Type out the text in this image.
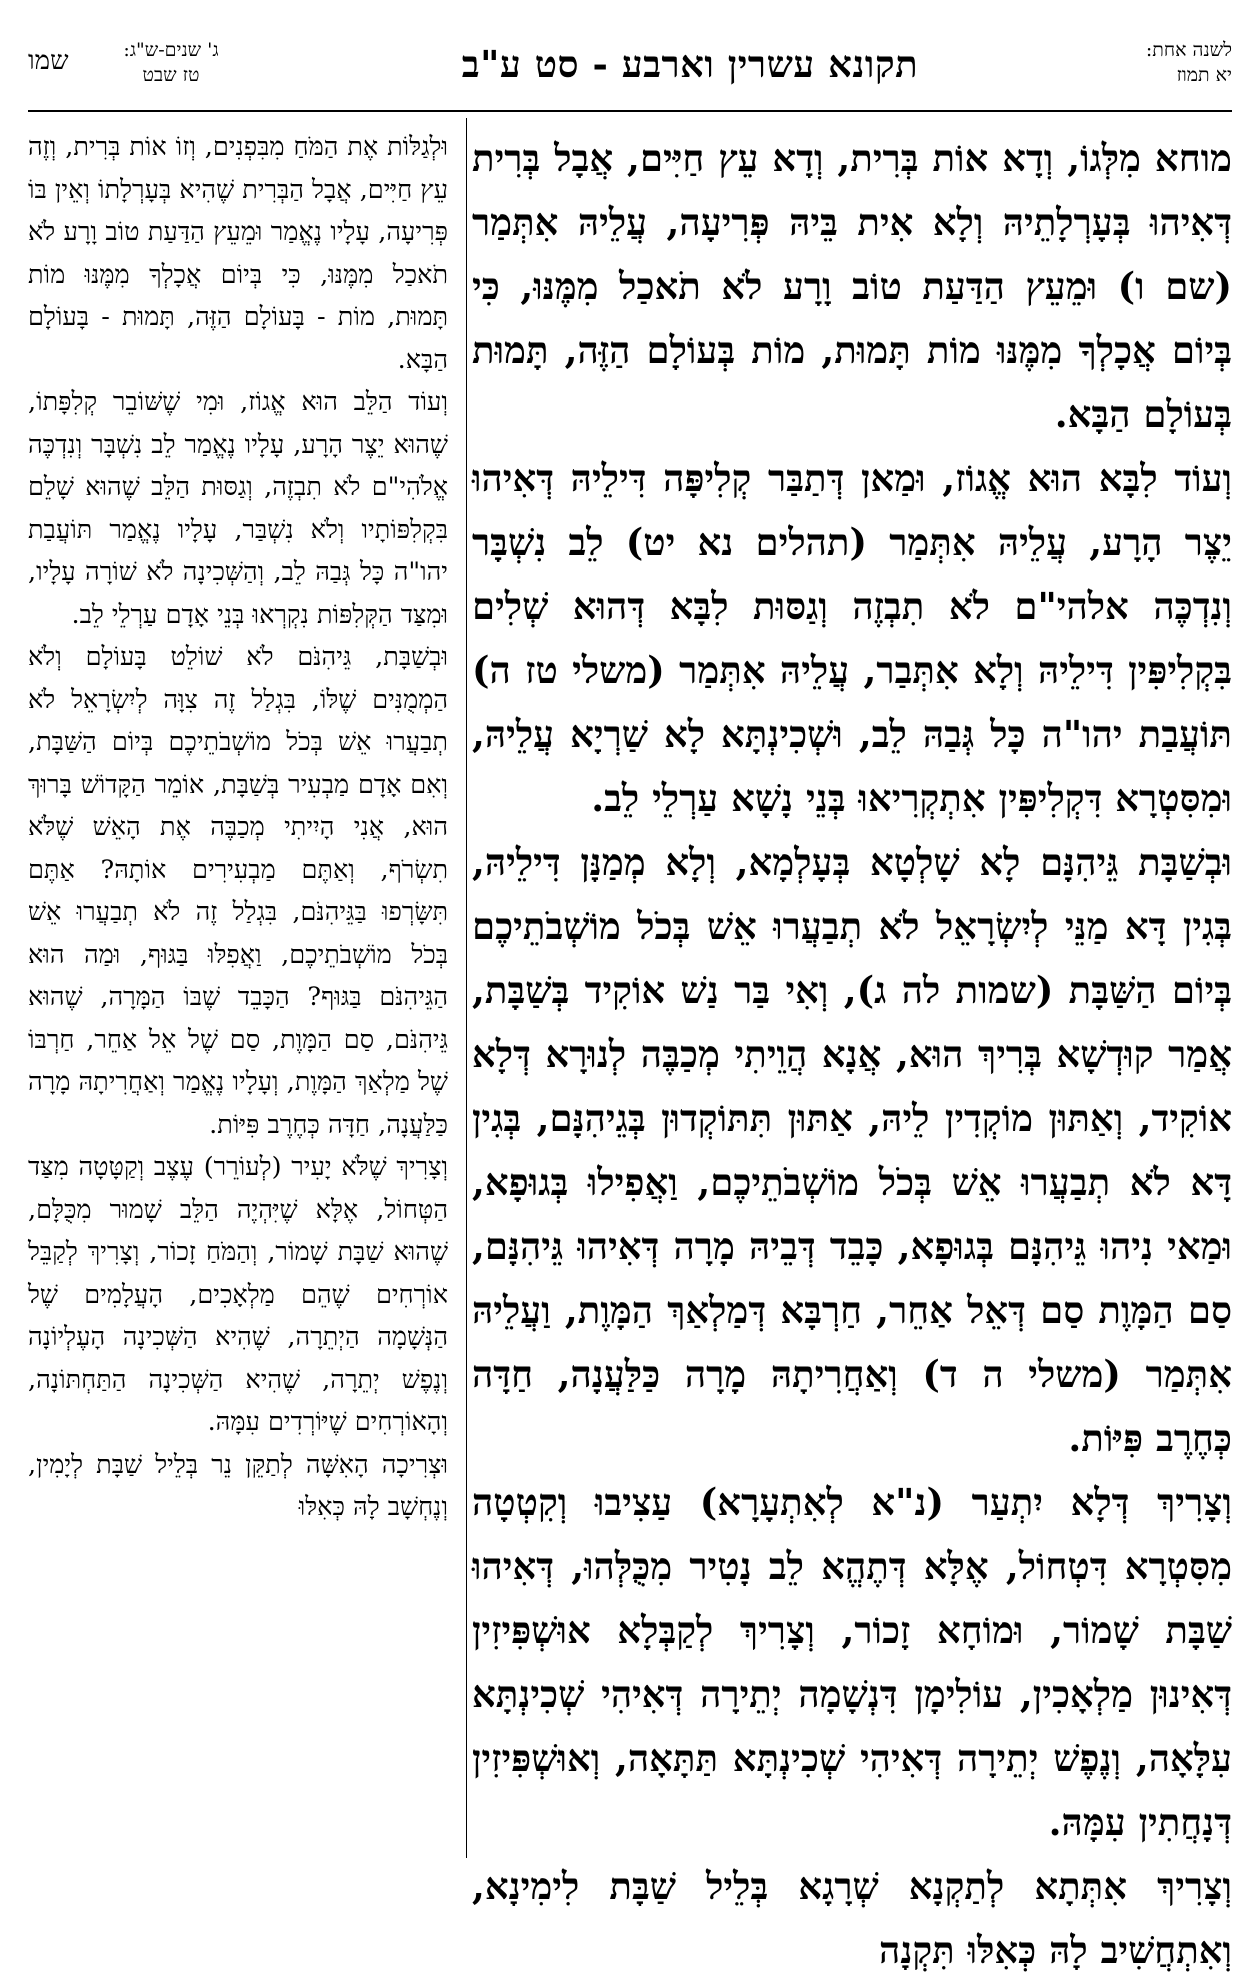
לשנה אחת:
יא תמוז
תקונא עשרין וארבע - סט ע"ב
ג' שנים-ש"ג:
טז שבט
שמו

מוחא מִלְּגוֹ, וְדָא אוֹת בְּרִית, וְדָא עֵץ חַיִּים, אֲבָל בְּרִית דְּאִיהוּ בְּעָרְלָתֵיהּ וְלָא אִית בֵּיהּ פְּרִיעָה, עֲלֵיהּ אִתְּמַר (שם ו) וּמֵעֵץ הַדַּעַת טוֹב וָרָע לֹא תֹאכַל מִמֶּנּוּ, כִּי בְּיוֹם אֲכָלְךָ מִמֶּנּוּ מוֹת תָּמוּת, מוֹת בְּעוֹלָם הַזֶּה, תָּמוּת בְּעוֹלָם הַבָּא.

וְעוֹד לִבָּא הוּא אֱגוֹז, וּמַאן דְּתַבַּר קְלִיפָּה דִּילֵיהּ דְּאִיהוּ יֵצֶר הָרָע, עֲלֵיהּ אִתְּמַר (תהלים נא יט) לֵב נִשְׁבָּר וְנִדְכֶּה אלהי"ם לֹא תִבְזֶה וְגַסּוּת לִבָּא דְּהוּא שְׁלִים בִּקְלִיפִּין דִּילֵיהּ וְלָא אִתְּבַר, עֲלֵיהּ אִתְּמַר (משלי טז ה) תּוֹעֲבַת יהו"ה כָּל גְּבַהּ לֵב, וּשְׁכִינְתָּא לָא שַׁרְיָא עֲלֵיהּ, וּמִסִּטְרָא דִּקְלִיפִּין אִתְקְרִיאוּ בְּנֵי נָשָׁא עַרְלֵי לֵב.

וּבְשַׁבָּת גֵּיהִנָּם לָא שָׁלְטָא בְּעָלְמָא, וְלָא מְמַנָּן דִּילֵיהּ, בְּגִין דָּא מַנֵּי לְיִשְׂרָאֵל לֹא תְבַעֲרוּ אֵשׁ בְּכֹל מוֹשְׁבֹתֵיכֶם בְּיוֹם הַשַּׁבָּת (שמות לה ג), וְאִי בַּר נַשׁ אוֹקִיד בְּשַׁבָּת, אֲמַר קוּדְשָׁא בְּרִיךְ הוּא, אֲנָא הֲוֵיתִי מְכַבֶּה לְנוּרָא דְּלָא אוֹקִיד, וְאַתּוּן מוֹקְדִין לֵיהּ, אַתּוּן תִּתּוֹקְדוּן בְּגֵיהִנָּם, בְּגִין דָּא לֹא תְבַעֲרוּ אֵשׁ בְּכֹל מוֹשְׁבֹתֵיכֶם, וַאֲפִילוּ בְּגוּפָא, וּמַאי נִיהוּ גֵּיהִנָּם בְּגוּפָא, כָּבֵד דְּבֵיהּ מָרָה דְּאִיהוּ גֵּיהִנָּם, סַם הַמָּוֶת סַם דְּאֵל אַחֵר, חַרְבָּא דְּמַלְאַךְ הַמָּוֶת, וַעֲלֵיהּ אִתְּמַר (משלי ה ד) וְאַחֲרִיתָהּ מָרָה כַּלַּעֲנָה, חַדָּה כְּחֶרֶב פִּיּוֹת.

וְצָרִיךְ דְּלָא יִתְעַר (נ"א לְאִתְעָרָא) עַצִיבוּ וְקִטְטָה מִסִּטְרָא דִּטְחוֹל, אֶלָּא דְּתֶהֱא לֵב נָטִיר מִכֻּלְּהוּ, דְּאִיהוּ שַׁבָּת שָׁמוֹר, וּמוֹחָא זָכוֹר, וְצָרִיךְ לְקַבְּלָא אוּשְׁפִּיזִין דְּאִינוּן מַלְאָכִין, עוֹלִימָן דִּנְשָׁמָה יְתֵירָה דְּאִיהִי שְׁכִינְתָּא עִלָּאָה, וְנֶפֶשׁ יְתֵירָה דְּאִיהִי שְׁכִינְתָּא תַּתָּאָה, וְאוּשְׁפִּיזִין דְּנָחֲתִין עִמָּהּ.

וְצָרִיךְ אִתְּתָא לְתַקְנָא שְׁרָגָא בְּלֵיל שַׁבָּת לִימִינָא, וְאִתְחֲשִׁיב לָהּ כְּאִלּוּ תִּקְנָה

וּלְגַלּוֹת אֶת הַמֹּחַ מִבִּפְנִים, וְזוֹ אוֹת בְּרִית, וְזֶה עֵץ חַיִּים, אֲבָל הַבְּרִית שֶׁהִיא בְּעָרְלָתוֹ וְאֵין בּוֹ פְּרִיעָה, עָלָיו נֶאֱמַר וּמֵעֵץ הַדַּעַת טוֹב וָרָע לֹא תֹאכַל מִמֶּנּוּ, כִּי בְּיוֹם אֲכָלְךָ מִמֶּנּוּ מוֹת תָּמוּת, מוֹת - בָּעוֹלָם הַזֶּה, תָּמוּת - בָּעוֹלָם הַבָּא.

וְעוֹד הַלֵּב הוּא אֱגוֹז, וּמִי שֶׁשּׁוֹבֵר קְלִפָּתוֹ, שֶׁהוּא יֵצֶר הָרָע, עָלָיו נֶאֱמַר לֵב נִשְׁבָּר וְנִדְכֶּה אֱלֹהִי"ם לֹא תִבְזֶה, וְגַסּוּת הַלֵּב שֶׁהוּא שָׁלֵם בִּקְלִפּוֹתָיו וְלֹא נִשְׁבַּר, עָלָיו נֶאֱמַר תּוֹעֲבַת יהו"ה כָּל גְּבַהּ לֵב, וְהַשְּׁכִינָה לֹא שׁוֹרָה עָלָיו, וּמִצַּד הַקְּלִפּוֹת נִקְרְאוּ בְּנֵי אָדָם עַרְלֵי לֵב.

וּבְשַׁבָּת, גֵּיהִנֹּם לֹא שׁוֹלֵט בָּעוֹלָם וְלֹא הַמְמֻנִּים שֶׁלּוֹ, בִּגְלַל זֶה צִוָּה לְיִשְׂרָאֵל לֹא תְבַעֲרוּ אֵשׁ בְּכֹל מוֹשְׁבֹתֵיכֶם בְּיוֹם הַשַּׁבָּת, וְאִם אָדָם מַבְעִיר בְּשַׁבָּת, אוֹמֵר הַקָּדוֹשׁ בָּרוּךְ הוּא, אֲנִי הָיִיתִי מְכַבֶּה אֶת הָאֵשׁ שֶׁלֹּא תִשְׂרֹף, וְאַתֶּם מַבְעִירִים אוֹתָהּ? אַתֶּם תִּשָּׂרְפוּ בַּגֵּיהִנֹּם, בִּגְלַל זֶה לֹא תְבַעֲרוּ אֵשׁ בְּכֹל מוֹשְׁבֹתֵיכֶם, וַאֲפִלּוּ בַּגּוּף, וּמַה הוּא הַגֵּיהִנֹּם בַּגּוּף? הַכָּבֵד שֶׁבּוֹ הַמָּרָה, שֶׁהוּא גֵּיהִנֹּם, סַם הַמָּוֶת, סַם שֶׁל אֵל אַחֵר, חַרְבּוֹ שֶׁל מַלְאַךְ הַמָּוֶת, וְעָלָיו נֶאֱמַר וְאַחֲרִיתָהּ מָרָה כַּלַּעֲנָה, חַדָּה כְּחֶרֶב פִּיּוֹת.

וְצָרִיךְ שֶׁלֹּא יָעִיר (לְעוֹרֵר) עֶצֶב וְקַטָּטָה מִצַּד הַטְּחוֹל, אֶלָּא שֶׁיִּהְיֶה הַלֵּב שָׁמוּר מִכֻּלָּם, שֶׁהוּא שַׁבָּת שָׁמוֹר, וְהַמֹּחַ זָכוֹר, וְצָרִיךְ לְקַבֵּל אוֹרְחִים שֶׁהֵם מַלְאָכִים, הָעֲלָמִים שֶׁל הַנְּשָׁמָה הַיְתֵרָה, שֶׁהִיא הַשְּׁכִינָה הָעֶלְיוֹנָה וְנֶפֶשׁ יְתֵרָה, שֶׁהִיא הַשְּׁכִינָה הַתַּחְתּוֹנָה, וְהָאוֹרְחִים שֶׁיּוֹרְדִים עִמָּהּ.

וּצְרִיכָה הָאִשָּׁה לְתַקֵּן נֵר בְּלֵיל שַׁבָּת לְיָמִין, וְנֶחְשָׁב לָהּ כְּאִלּוּ
